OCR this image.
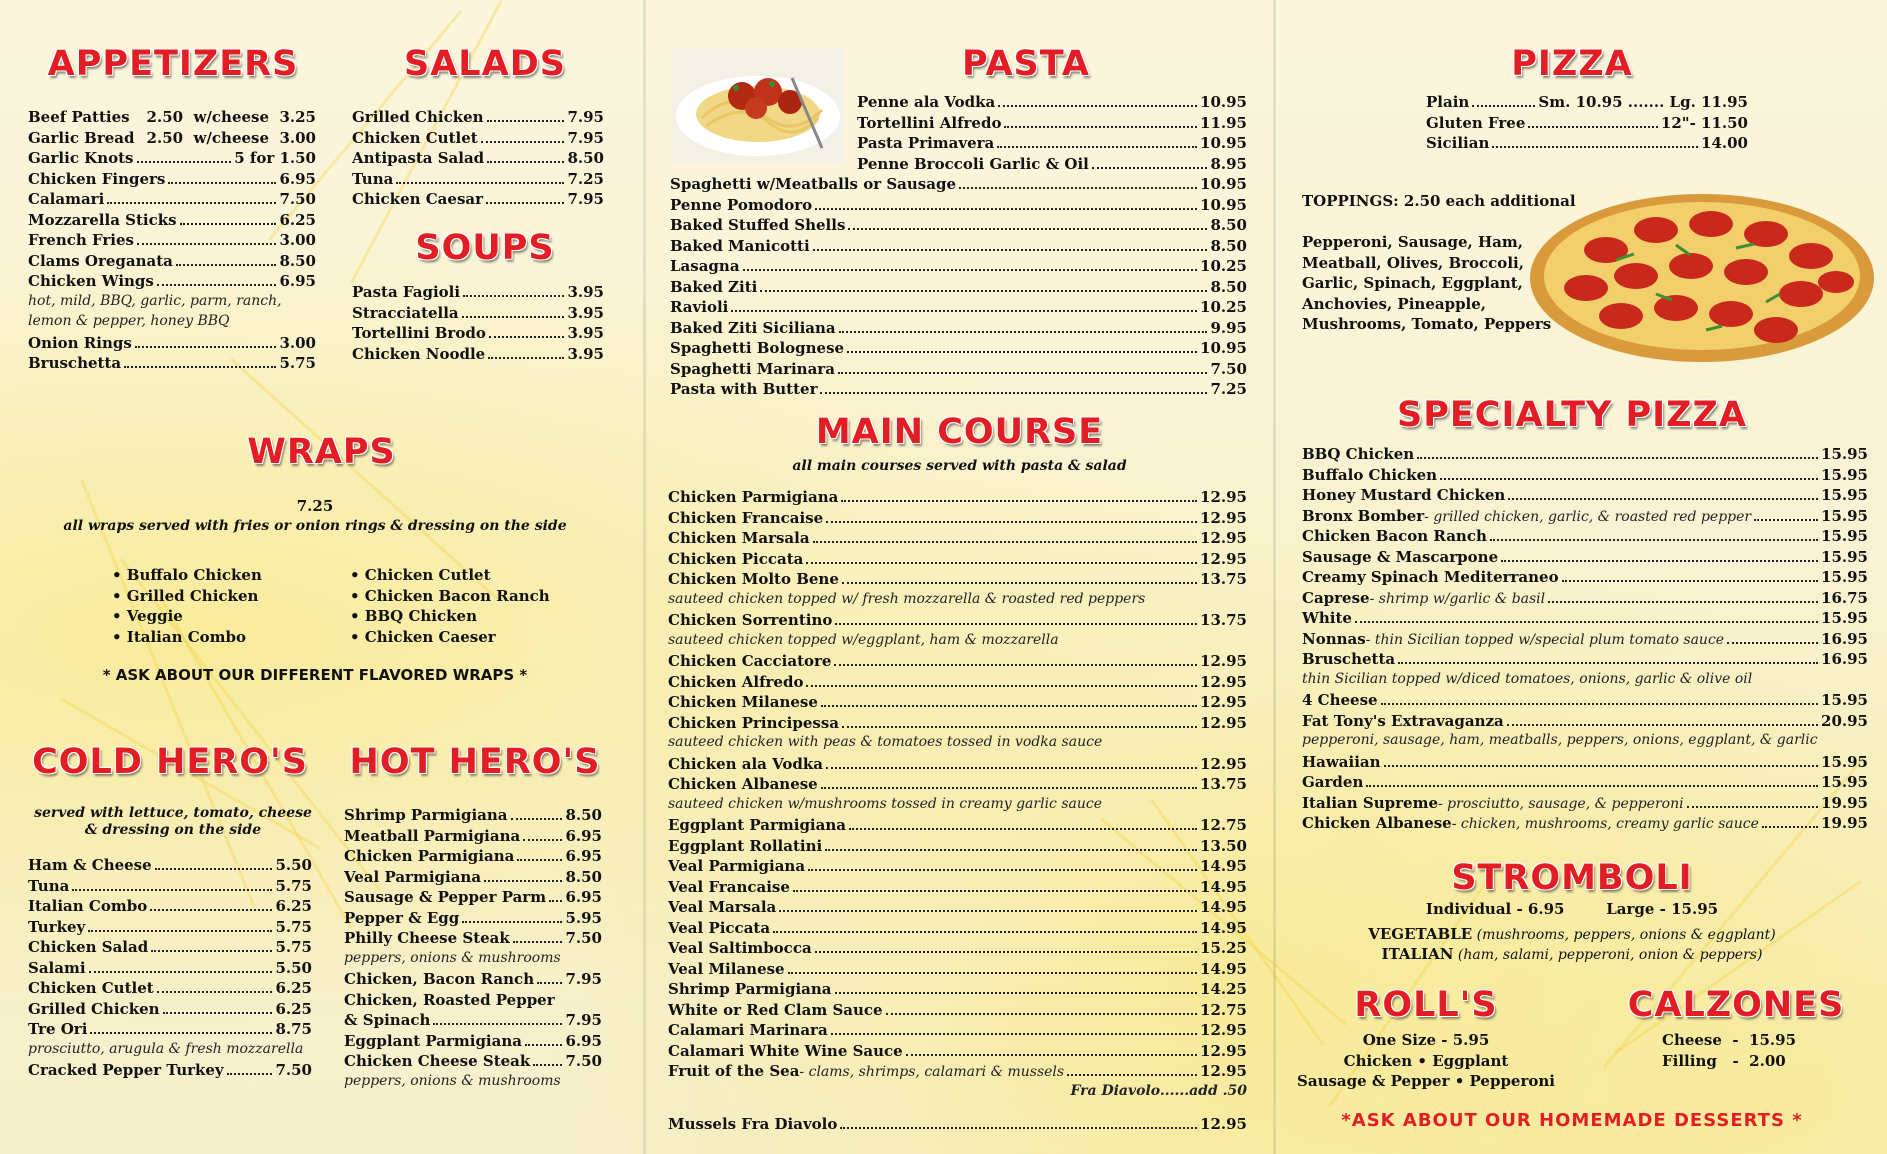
APPETIZERS
Beef Patties 2.50  w/cheese  3.25
Garlic Bread 2.50  w/cheese  3.00
Garlic Knots	5 for 1.50
Chicken Fingers	6.95
Calamari	7.50
Mozzarella Sticks	6.25
French Fries	3.00
Clams Oreganata	8.50
Chicken Wings	6.95
hot, mild, BBQ, garlic, parm, ranch,
lemon & pepper, honey BBQ
Onion Rings	3.00
Bruschetta	5.75
SALADS
Grilled Chicken	7.95
Chicken Cutlet	7.95
Antipasta Salad	8.50
Tuna	7.25
Chicken Caesar	7.95
SOUPS
Pasta Fagioli	3.95
Stracciatella	3.95
Tortellini Brodo	3.95
Chicken Noodle	3.95
WRAPS
7.25
all wraps served with fries or onion rings & dressing on the side
• Buffalo Chicken
• Grilled Chicken
• Veggie
• Italian Combo
• Chicken Cutlet
• Chicken Bacon Ranch
• BBQ Chicken
• Chicken Caeser
* ASK ABOUT OUR DIFFERENT FLAVORED WRAPS *
COLD HERO'S
served with lettuce, tomato, cheese
& dressing on the side
Ham & Cheese	5.50
Tuna	5.75
Italian Combo	6.25
Turkey	5.75
Chicken Salad	5.75
Salami	5.50
Chicken Cutlet	6.25
Grilled Chicken	6.25
Tre Ori	8.75
prosciutto, arugula & fresh mozzarella
Cracked Pepper Turkey	7.50
HOT HERO'S
Shrimp Parmigiana	8.50
Meatball Parmigiana	6.95
Chicken Parmigiana	6.95
Veal Parmigiana	8.50
Sausage & Pepper Parm 6.95
Pepper & Egg	5.95
Philly Cheese Steak	7.50
peppers, onions & mushrooms
Chicken, Bacon Ranch 7.95
Chicken, Roasted Pepper
& Spinach	7.95
Eggplant Parmigiana	6.95
Chicken Cheese Steak 7.50
peppers, onions & mushrooms
PASTA
Penne ala Vodka	10.95
Tortellini Alfredo	11.95
Pasta Primavera	10.95
Penne Broccoli Garlic & Oil	8.95
Spaghetti w/Meatballs or Sausage	10.95
Penne Pomodoro	10.95
Baked Stuffed Shells	8.50
Baked Manicotti	8.50
Lasagna	10.25
Baked Ziti	8.50
Ravioli	10.25
Baked Ziti Siciliana	9.95
Spaghetti Bolognese	10.95
Spaghetti Marinara	7.50
Pasta with Butter	7.25
MAIN COURSE
all main courses served with pasta & salad
Chicken Parmigiana	12.95
Chicken Francaise	12.95
Chicken Marsala	12.95
Chicken Piccata	12.95
Chicken Molto Bene	13.75
sauteed chicken topped w/ fresh mozzarella & roasted red peppers
Chicken Sorrentino	13.75
sauteed chicken topped w/eggplant, ham & mozzarella
Chicken Cacciatore	12.95
Chicken Alfredo	12.95
Chicken Milanese	12.95
Chicken Principessa	12.95
sauteed chicken with peas & tomatoes tossed in vodka sauce
Chicken ala Vodka	12.95
Chicken Albanese	13.75
sauteed chicken w/mushrooms tossed in creamy garlic sauce
Eggplant Parmigiana	12.75
Eggplant Rollatini	13.50
Veal Parmigiana	14.95
Veal Francaise	14.95
Veal Marsala	14.95
Veal Piccata	14.95
Veal Saltimbocca	15.25
Veal Milanese	14.95
Shrimp Parmigiana	14.25
White or Red Clam Sauce	12.75
Calamari Marinara	12.95
Calamari White Wine Sauce	12.95
Fruit of the Sea - clams, shrimps, calamari & mussels	12.95
Fra Diavolo......add .50
Mussels Fra Diavolo	12.95
PIZZA
Plain	Sm. 10.95 ....... Lg. 11.95
Gluten Free	12"- 11.50
Sicilian	14.00
TOPPINGS: 2.50 each additional
Pepperoni, Sausage, Ham,
Meatball, Olives, Broccoli,
Garlic, Spinach, Eggplant,
Anchovies, Pineapple,
Mushrooms, Tomato, Peppers
SPECIALTY PIZZA
BBQ Chicken	15.95
Buffalo Chicken	15.95
Honey Mustard Chicken	15.95
Bronx Bomber - grilled chicken, garlic, & roasted red pepper	15.95
Chicken Bacon Ranch	15.95
Sausage & Mascarpone	15.95
Creamy Spinach Mediterraneo	15.95
Caprese - shrimp w/garlic & basil	16.75
White	15.95
Nonnas - thin Sicilian topped w/special plum tomato sauce	16.95
Bruschetta	16.95
thin Sicilian topped w/diced tomatoes, onions, garlic & olive oil
4 Cheese	15.95
Fat Tony's Extravaganza	20.95
pepperoni, sausage, ham, meatballs, peppers, onions, eggplant, & garlic
Hawaiian	15.95
Garden	15.95
Italian Supreme - prosciutto, sausage, & pepperoni	19.95
Chicken Albanese - chicken, mushrooms, creamy garlic sauce	19.95
STROMBOLI
Individual - 6.95        Large - 15.95
VEGETABLE (mushrooms, peppers, onions & eggplant)
ITALIAN (ham, salami, pepperoni, onion & peppers)
ROLL'S
One Size - 5.95
Chicken • Eggplant
Sausage & Pepper • Pepperoni
CALZONES
Cheese  -  15.95
Filling   -  2.00
*ASK ABOUT OUR HOMEMADE DESSERTS *
